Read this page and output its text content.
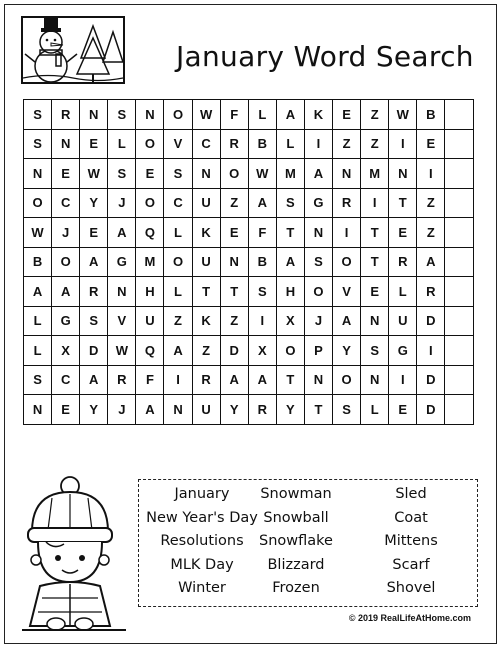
January Word Search
S	R	N	S	N	O	W	F	L	A	K	E	Z	W	B
S	N	E	L	O	V	C	R	B	L	I	Z	Z	I	E
N	E	W	S	E	S	N	O	W	M	A	N	M	N	I
O	C	Y	J	O	C	U	Z	A	S	G	R	I	T	Z
W	J	E	A	Q	L	K	E	F	T	N	I	T	E	Z
B	O	A	G	M	O	U	N	B	A	S	O	T	R	A
A	A	R	N	H	L	T	T	S	H	O	V	E	L	R
L	G	S	V	U	Z	K	Z	I	X	J	A	N	U	D
L	X	D	W	Q	A	Z	D	X	O	P	Y	S	G	I
S	C	A	R	F	I	R	A	A	T	N	O	N	I	D
N	E	Y	J	A	N	U	Y	R	Y	T	S	L	E	D
January
New Year's Day
Resolutions
MLK Day
Winter
Snowman
Snowball
Snowflake
Blizzard
Frozen
Sled
Coat
Mittens
Scarf
Shovel
© 2019 RealLifeAtHome.com
